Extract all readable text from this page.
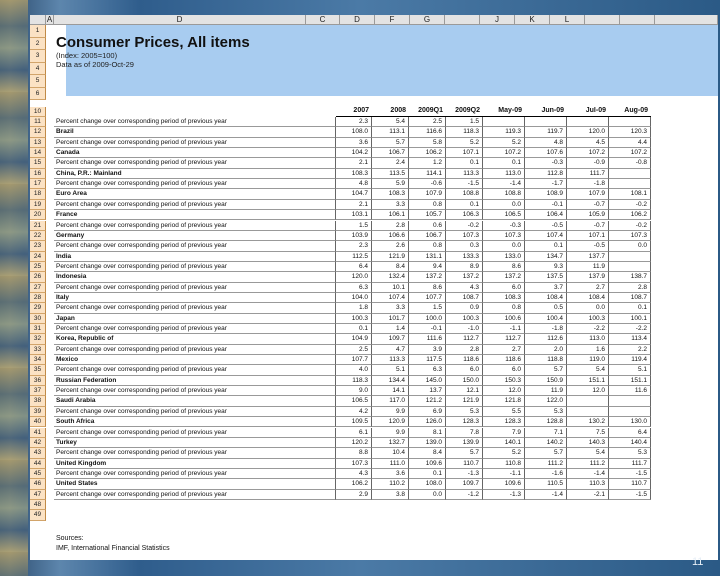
A	D	C	D	F	G	J	K	L
Consumer Prices, All items
(Index: 2005=100)
Data as of 2009-Oct-29
1
2
3
4
5
6
10
11
12
13
14
15
16
17
18
19
20
21
22
23
24
25
26
27
28
29
30
31
32
33
34
35
36
37
38
39
40
41
42
43
44
45
46
47
48
49
2007	2008	2009Q1	2009Q2	May-09	Jun-09	Jul-09	Aug-09
Percent change over corresponding period of previous year	2.3	5.4	2.5	1.5
Brazil	108.0	113.1	116.6	118.3	119.3	119.7	120.0	120.3
Percent change over corresponding period of previous year	3.6	5.7	5.8	5.2	5.2	4.8	4.5	4.4
Canada	104.2	106.7	106.2	107.1	107.2	107.6	107.2	107.2
Percent change over corresponding period of previous year	2.1	2.4	1.2	0.1	0.1	-0.3	-0.9	-0.8
China, P.R.: Mainland	108.3	113.5	114.1	113.3	113.0	112.8	111.7
Percent change over corresponding period of previous year	4.8	5.9	-0.6	-1.5	-1.4	-1.7	-1.8
Euro Area	104.7	108.3	107.9	108.8	108.8	108.9	107.9	108.1
Percent change over corresponding period of previous year	2.1	3.3	0.8	0.1	0.0	-0.1	-0.7	-0.2
France	103.1	106.1	105.7	106.3	106.5	106.4	105.9	106.2
Percent change over corresponding period of previous year	1.5	2.8	0.6	-0.2	-0.3	-0.5	-0.7	-0.2
Germany	103.9	106.6	106.7	107.3	107.3	107.4	107.1	107.3
Percent change over corresponding period of previous year	2.3	2.6	0.8	0.3	0.0	0.1	-0.5	0.0
India	112.5	121.9	131.1	133.3	133.0	134.7	137.7
Percent change over corresponding period of previous year	6.4	8.4	9.4	8.9	8.6	9.3	11.9
Indonesia	120.0	132.4	137.2	137.2	137.2	137.5	137.9	138.7
Percent change over corresponding period of previous year	6.3	10.1	8.6	4.3	6.0	3.7	2.7	2.8
Italy	104.0	107.4	107.7	108.7	108.3	108.4	108.4	108.7
Percent change over corresponding period of previous year	1.8	3.3	1.5	0.9	0.8	0.5	0.0	0.1
Japan	100.3	101.7	100.0	100.3	100.6	100.4	100.3	100.1
Percent change over corresponding period of previous year	0.1	1.4	-0.1	-1.0	-1.1	-1.8	-2.2	-2.2
Korea, Republic of	104.9	109.7	111.6	112.7	112.7	112.6	113.0	113.4
Percent change over corresponding period of previous year	2.5	4.7	3.9	2.8	2.7	2.0	1.6	2.2
Mexico	107.7	113.3	117.5	118.6	118.6	118.8	119.0	119.4
Percent change over corresponding period of previous year	4.0	5.1	6.3	6.0	6.0	5.7	5.4	5.1
Russian Federation	118.3	134.4	145.0	150.0	150.3	150.9	151.1	151.1
Percent change over corresponding period of previous year	9.0	14.1	13.7	12.1	12.0	11.9	12.0	11.6
Saudi Arabia	106.5	117.0	121.2	121.9	121.8	122.0
Percent change over corresponding period of previous year	4.2	9.9	6.9	5.3	5.5	5.3
South Africa	109.5	120.9	126.0	128.3	128.3	128.8	130.2	130.0
Percent change over corresponding period of previous year	6.1	9.9	8.1	7.8	7.9	7.1	7.5	6.4
Turkey	120.2	132.7	139.0	139.9	140.1	140.2	140.3	140.4
Percent change over corresponding period of previous year	8.8	10.4	8.4	5.7	5.2	5.7	5.4	5.3
United Kingdom	107.3	111.0	109.6	110.7	110.8	111.2	111.2	111.7
Percent change over corresponding period of previous year	4.3	3.6	0.1	-1.3	-1.1	-1.6	-1.4	-1.5
United States	106.2	110.2	108.0	109.7	109.6	110.5	110.3	110.7
Percent change over corresponding period of previous year	2.9	3.8	0.0	-1.2	-1.3	-1.4	-2.1	-1.5
Sources:
IMF, International Financial Statistics
11
